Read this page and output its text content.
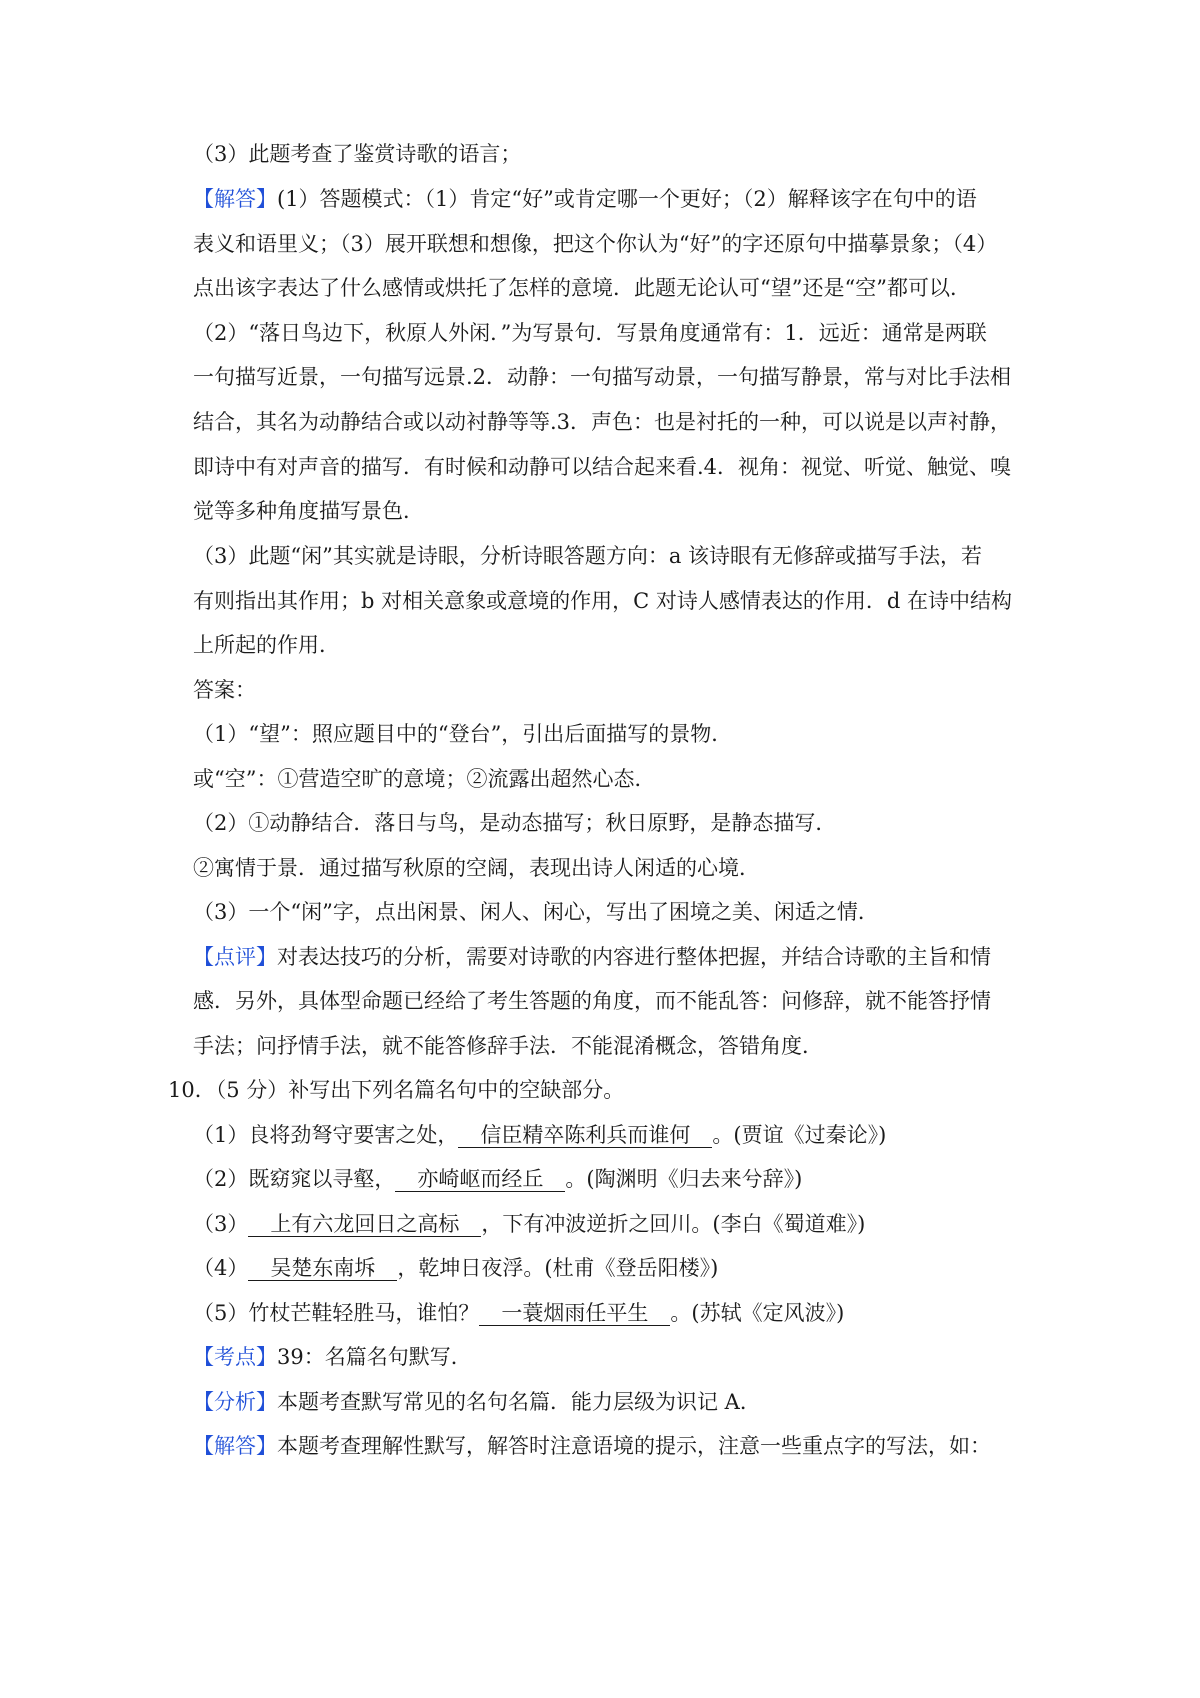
（3）此题考查了鉴赏诗歌的语言；
【解答】(1）答题模式：（1）肯定“好”或肯定哪一个更好；（2）解释该字在句中的语
表义和语里义；（3）展开联想和想像，把这个你认为“好”的字还原句中描摹景象；（4）
点出该字表达了什么感情或烘托了怎样的意境．此题无论认可“望”还是“空”都可以．
（2）“落日鸟边下，秋原人外闲．”为写景句．写景角度通常有：1．远近：通常是两联
一句描写近景，一句描写远景.2．动静：一句描写动景，一句描写静景，常与对比手法相
结合，其名为动静结合或以动衬静等等.3．声色：也是衬托的一种，可以说是以声衬静，
即诗中有对声音的描写．有时候和动静可以结合起来看.4．视角：视觉、听觉、触觉、嗅
觉等多种角度描写景色．
（3）此题“闲”其实就是诗眼，分析诗眼答题方向：a 该诗眼有无修辞或描写手法，若
有则指出其作用；b 对相关意象或意境的作用，C 对诗人感情表达的作用．d 在诗中结构
上所起的作用．
答案：
（1）“望”：照应题目中的“登台”，引出后面描写的景物．
或“空”：①营造空旷的意境；②流露出超然心态．
（2）①动静结合．落日与鸟，是动态描写；秋日原野，是静态描写．
②寓情于景．通过描写秋原的空阔，表现出诗人闲适的心境．
（3）一个“闲”字，点出闲景、闲人、闲心，写出了困境之美、闲适之情．
【点评】对表达技巧的分析，需要对诗歌的内容进行整体把握，并结合诗歌的主旨和情
感．另外，具体型命题已经给了考生答题的角度，而不能乱答：问修辞，就不能答抒情
手法；问抒情手法，就不能答修辞手法．不能混淆概念，答错角度．
10．（5 分）补写出下列名篇名句中的空缺部分。
（1）良将劲弩守要害之处， 信臣精卒陈利兵而谁何 。(贾谊《过秦论》)
（2）既窈窕以寻壑， 亦崎岖而经丘 。(陶渊明《归去来兮辞》)
（3） 上有六龙回日之高标 ，下有冲波逆折之回川。(李白《蜀道难》)
（4） 吴楚东南坼 ，乾坤日夜浮。(杜甫《登岳阳楼》)
（5）竹杖芒鞋轻胜马，谁怕？ 一蓑烟雨任平生 。(苏轼《定风波》)
【考点】39：名篇名句默写．
【分析】本题考查默写常见的名句名篇．能力层级为识记 A．
【解答】本题考查理解性默写，解答时注意语境的提示，注意一些重点字的写法，如：
